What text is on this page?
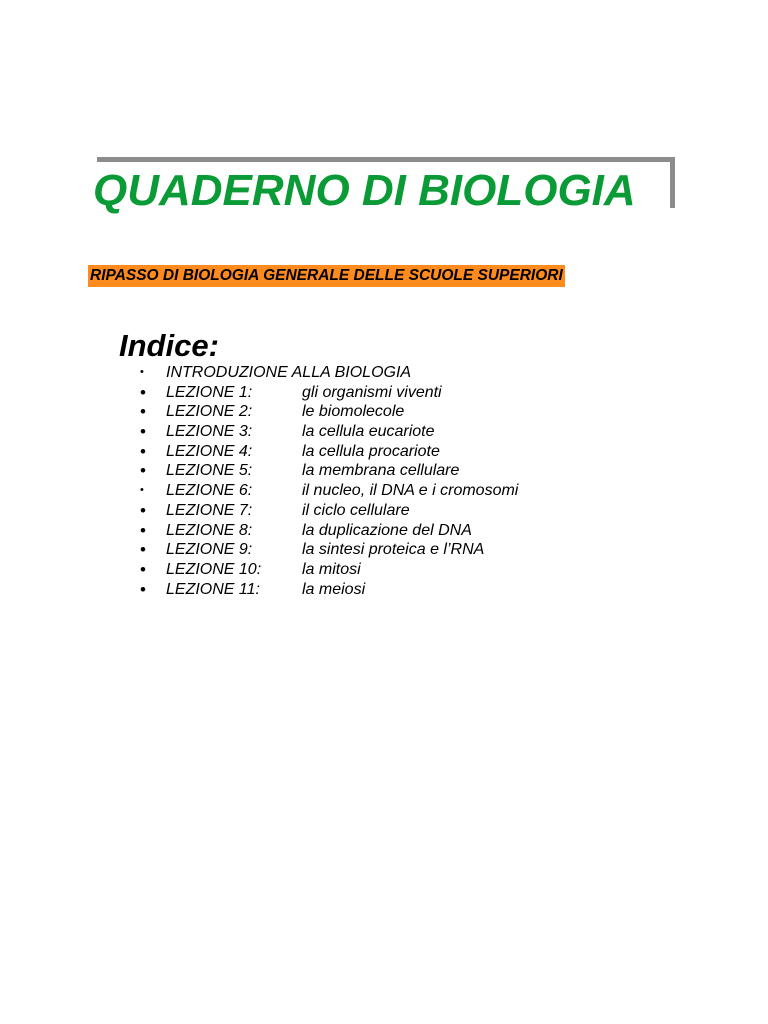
QUADERNO DI BIOLOGIA
RIPASSO DI BIOLOGIA GENERALE DELLE SCUOLE SUPERIORI
Indice:
• INTRODUZIONE ALLA BIOLOGIA
• LEZIONE 1:	gli organismi viventi
• LEZIONE 2:	le biomolecole
• LEZIONE 3:	la cellula eucariote
• LEZIONE 4:	la cellula procariote
• LEZIONE 5:	la membrana cellulare
• LEZIONE 6:	il nucleo, il DNA e i cromosomi
• LEZIONE 7:	il ciclo cellulare
• LEZIONE 8:	la duplicazione del DNA
• LEZIONE 9:	la sintesi proteica e l’RNA
• LEZIONE 10:	la mitosi
• LEZIONE 11:	la meiosi
